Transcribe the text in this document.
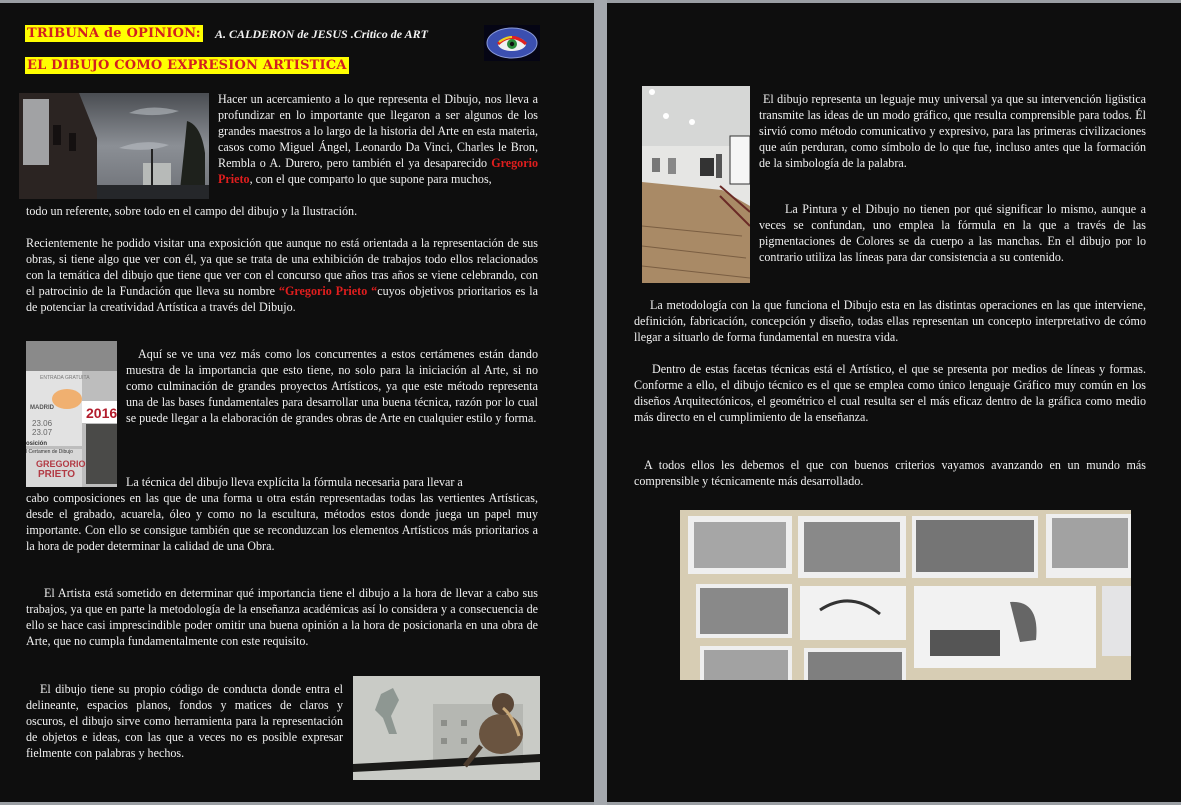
TRIBUNA de OPINION: A. CALDERON de JESUS .Critico de ART
EL DIBUJO COMO EXPRESION ARTISTICA

Hacer un acercamiento a lo que representa el Dibujo, nos lleva a profundizar en lo importante que llegaron a ser algunos de los grandes maestros a lo largo de la historia del Arte en esta materia, casos como Miguel Ángel, Leonardo Da Vinci, Charles le Bron, Rembla o A. Durero, pero también el ya desaparecido Gregorio Prieto, con el que comparto lo que supone para muchos,

todo un referente, sobre todo en el campo del dibujo y la Ilustración.

Recientemente he podido visitar una exposición que aunque no está orientada a la representación de sus obras, si tiene algo que ver con él, ya que se trata de una exhibición de trabajos todo ellos relacionados con la temática del dibujo que tiene que ver con el concurso que años tras años se viene celebrando, con el patrocinio de la Fundación que lleva su nombre “Gregorio Prieto “cuyos objetivos prioritarios es la de potenciar la creatividad Artística a través del Dibujo.

ENTRADA GRATUITA
MADRID
23.06
23.07
2016
osición
l Certamen de Dibujo
GREGORIO
PRIETO

Aquí se ve una vez más como los concurrentes a estos certámenes están dando muestra de la importancia que esto tiene, no solo para la iniciación al Arte, si no como culminación de grandes proyectos Artísticos, ya que este método representa una de las bases fundamentales para desarrollar una buena técnica, razón por lo cual se puede llegar a la elaboración de grandes obras de Arte en cualquier estilo y forma.

La técnica del dibujo lleva explícita la fórmula necesaria para llevar a

cabo composiciones en las que de una forma u otra están representadas todas las vertientes Artísticas, desde el grabado, acuarela, óleo y como no la escultura, métodos estos donde juega un papel muy importante. Con ello se consigue también que se reconduzcan los elementos Artísticos más prioritarios a la hora de poder determinar la calidad de una Obra.

El Artista está sometido en determinar qué importancia tiene el dibujo a la hora de llevar a cabo sus trabajos, ya que en parte la metodología de la enseñanza académicas así lo considera y a consecuencia de ello se hace casi imprescindible poder omitir una buena opinión a la hora de posicionarla en una obra de Arte, que no cumpla fundamentalmente con este requisito.

El dibujo tiene su propio código de conducta donde entra el delineante, espacios planos, fondos y matices de claros y oscuros, el dibujo sirve como herramienta para la representación de objetos e ideas, con las que a veces no es posible expresar fielmente con palabras y hechos.

El dibujo representa un leguaje muy universal ya que su intervención ligüstica transmite las ideas de un modo gráfico, que resulta comprensible para todos. Él sirvió como método comunicativo y expresivo, para las primeras civilizaciones que aún perduran, como símbolo de lo que fue, incluso antes que la formación de la simbología de la palabra.

La Pintura y el Dibujo no tienen por qué significar lo mismo, aunque a veces se confundan, uno emplea la fórmula en la que a través de las pigmentaciones de Colores se da cuerpo a las manchas. En el dibujo por lo contrario utiliza las líneas para dar consistencia a su contenido.

La metodología con la que funciona el Dibujo esta en las distintas operaciones en las que interviene, definición, fabricación, concepción y diseño, todas ellas representan un concepto interpretativo de cómo llegar a situarlo de forma fundamental en nuestra vida.

Dentro de estas facetas técnicas está el Artístico, el que se presenta por medios de líneas y formas. Conforme a ello, el dibujo técnico es el que se emplea como único lenguaje Gráfico muy común en los diseños Arquitectónicos, el geométrico el cual resulta ser el más eficaz dentro de la gráfica como medio más directo en el cumplimiento de la enseñanza.

A todos ellos les debemos el que con buenos criterios vayamos avanzando en un mundo más comprensible y técnicamente más desarrollado.
